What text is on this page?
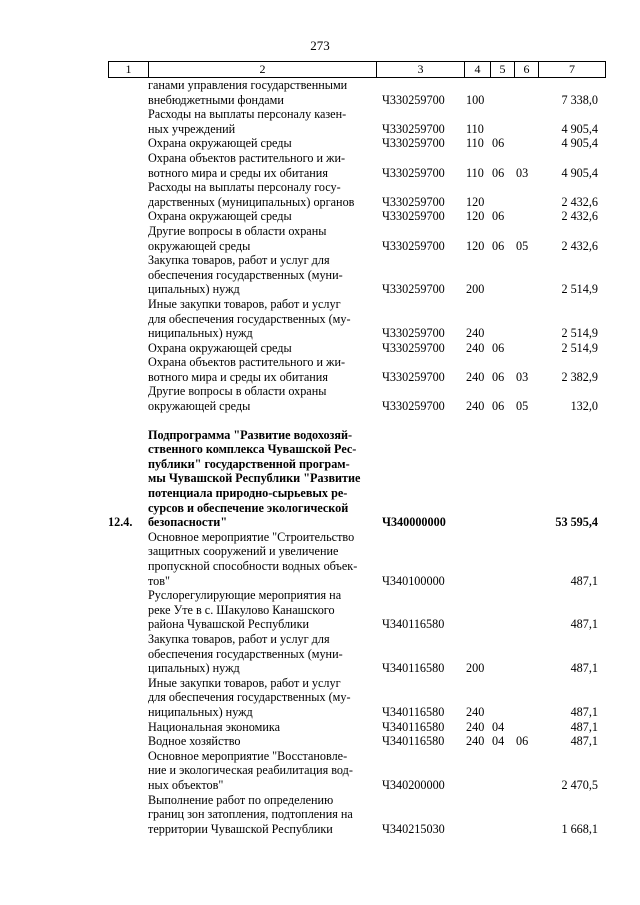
273
1	2	3	4	5	6	7
ганами управления государственными
внебюджетными фондами	Ч330259700 100	7 338,0
Расходы на выплаты персоналу казен-
ных учреждений	Ч330259700 110	4 905,4
Охрана окружающей среды	Ч330259700 110 06	4 905,4
Охрана объектов растительного и жи-
вотного мира и среды их обитания	Ч330259700 110 06 03	4 905,4
Расходы на выплаты персоналу госу-
дарственных (муниципальных) органов	Ч330259700 120	2 432,6
Охрана окружающей среды	Ч330259700 120 06	2 432,6
Другие вопросы в области охраны
окружающей среды	Ч330259700 120 06 05	2 432,6
Закупка товаров, работ и услуг для
обеспечения государственных (муни-
ципальных) нужд	Ч330259700 200	2 514,9
Иные закупки товаров, работ и услуг
для обеспечения государственных (му-
ниципальных) нужд	Ч330259700 240	2 514,9
Охрана окружающей среды	Ч330259700 240 06	2 514,9
Охрана объектов растительного и жи-
вотного мира и среды их обитания	Ч330259700 240 06 03	2 382,9
Другие вопросы в области охраны
окружающей среды	Ч330259700 240 06 05	132,0
12.4.
Подпрограмма "Развитие водохозяй-
ственного комплекса Чувашской Рес-
публики" государственной програм-
мы Чувашской Республики "Развитие
потенциала природно-сырьевых ре-
сурсов и обеспечение экологической
безопасности"	Ч340000000	53 595,4
Основное мероприятие "Строительство
защитных сооружений и увеличение
пропускной способности водных объек-
тов"	Ч340100000	487,1
Руслорегулирующие мероприятия на
реке Уте в с. Шакулово Канашского
района Чувашской Республики	Ч340116580	487,1
Закупка товаров, работ и услуг для
обеспечения государственных (муни-
ципальных) нужд	Ч340116580 200	487,1
Иные закупки товаров, работ и услуг
для обеспечения государственных (му-
ниципальных) нужд	Ч340116580 240	487,1
Национальная экономика	Ч340116580 240 04	487,1
Водное хозяйство	Ч340116580 240 04 06	487,1
Основное мероприятие "Восстановле-
ние и экологическая реабилитация вод-
ных объектов"	Ч340200000	2 470,5
Выполнение работ по определению
границ зон затопления, подтопления на
территории Чувашской Республики	Ч340215030	1 668,1
